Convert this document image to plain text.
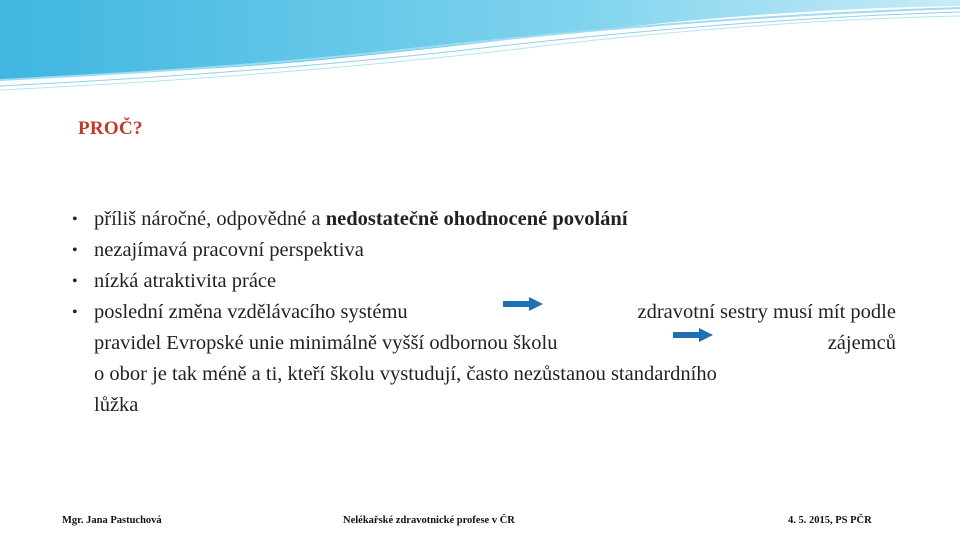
PROČ?
• příliš náročné, odpovědné a nedostatečně ohodnocené povolání
• nezajímavá pracovní perspektiva
• nízká atraktivita práce
• poslední změna vzdělávacího systému	zdravotní sestry musí mít podle
pravidel Evropské unie minimálně vyšší odbornou školu	zájemců
o obor je tak méně a ti, kteří školu vystudují, často nezůstanou standardního
lůžka
Mgr. Jana Pastuchová	Nelékařské zdravotnické profese v ČR	4. 5. 2015, PS PČR
